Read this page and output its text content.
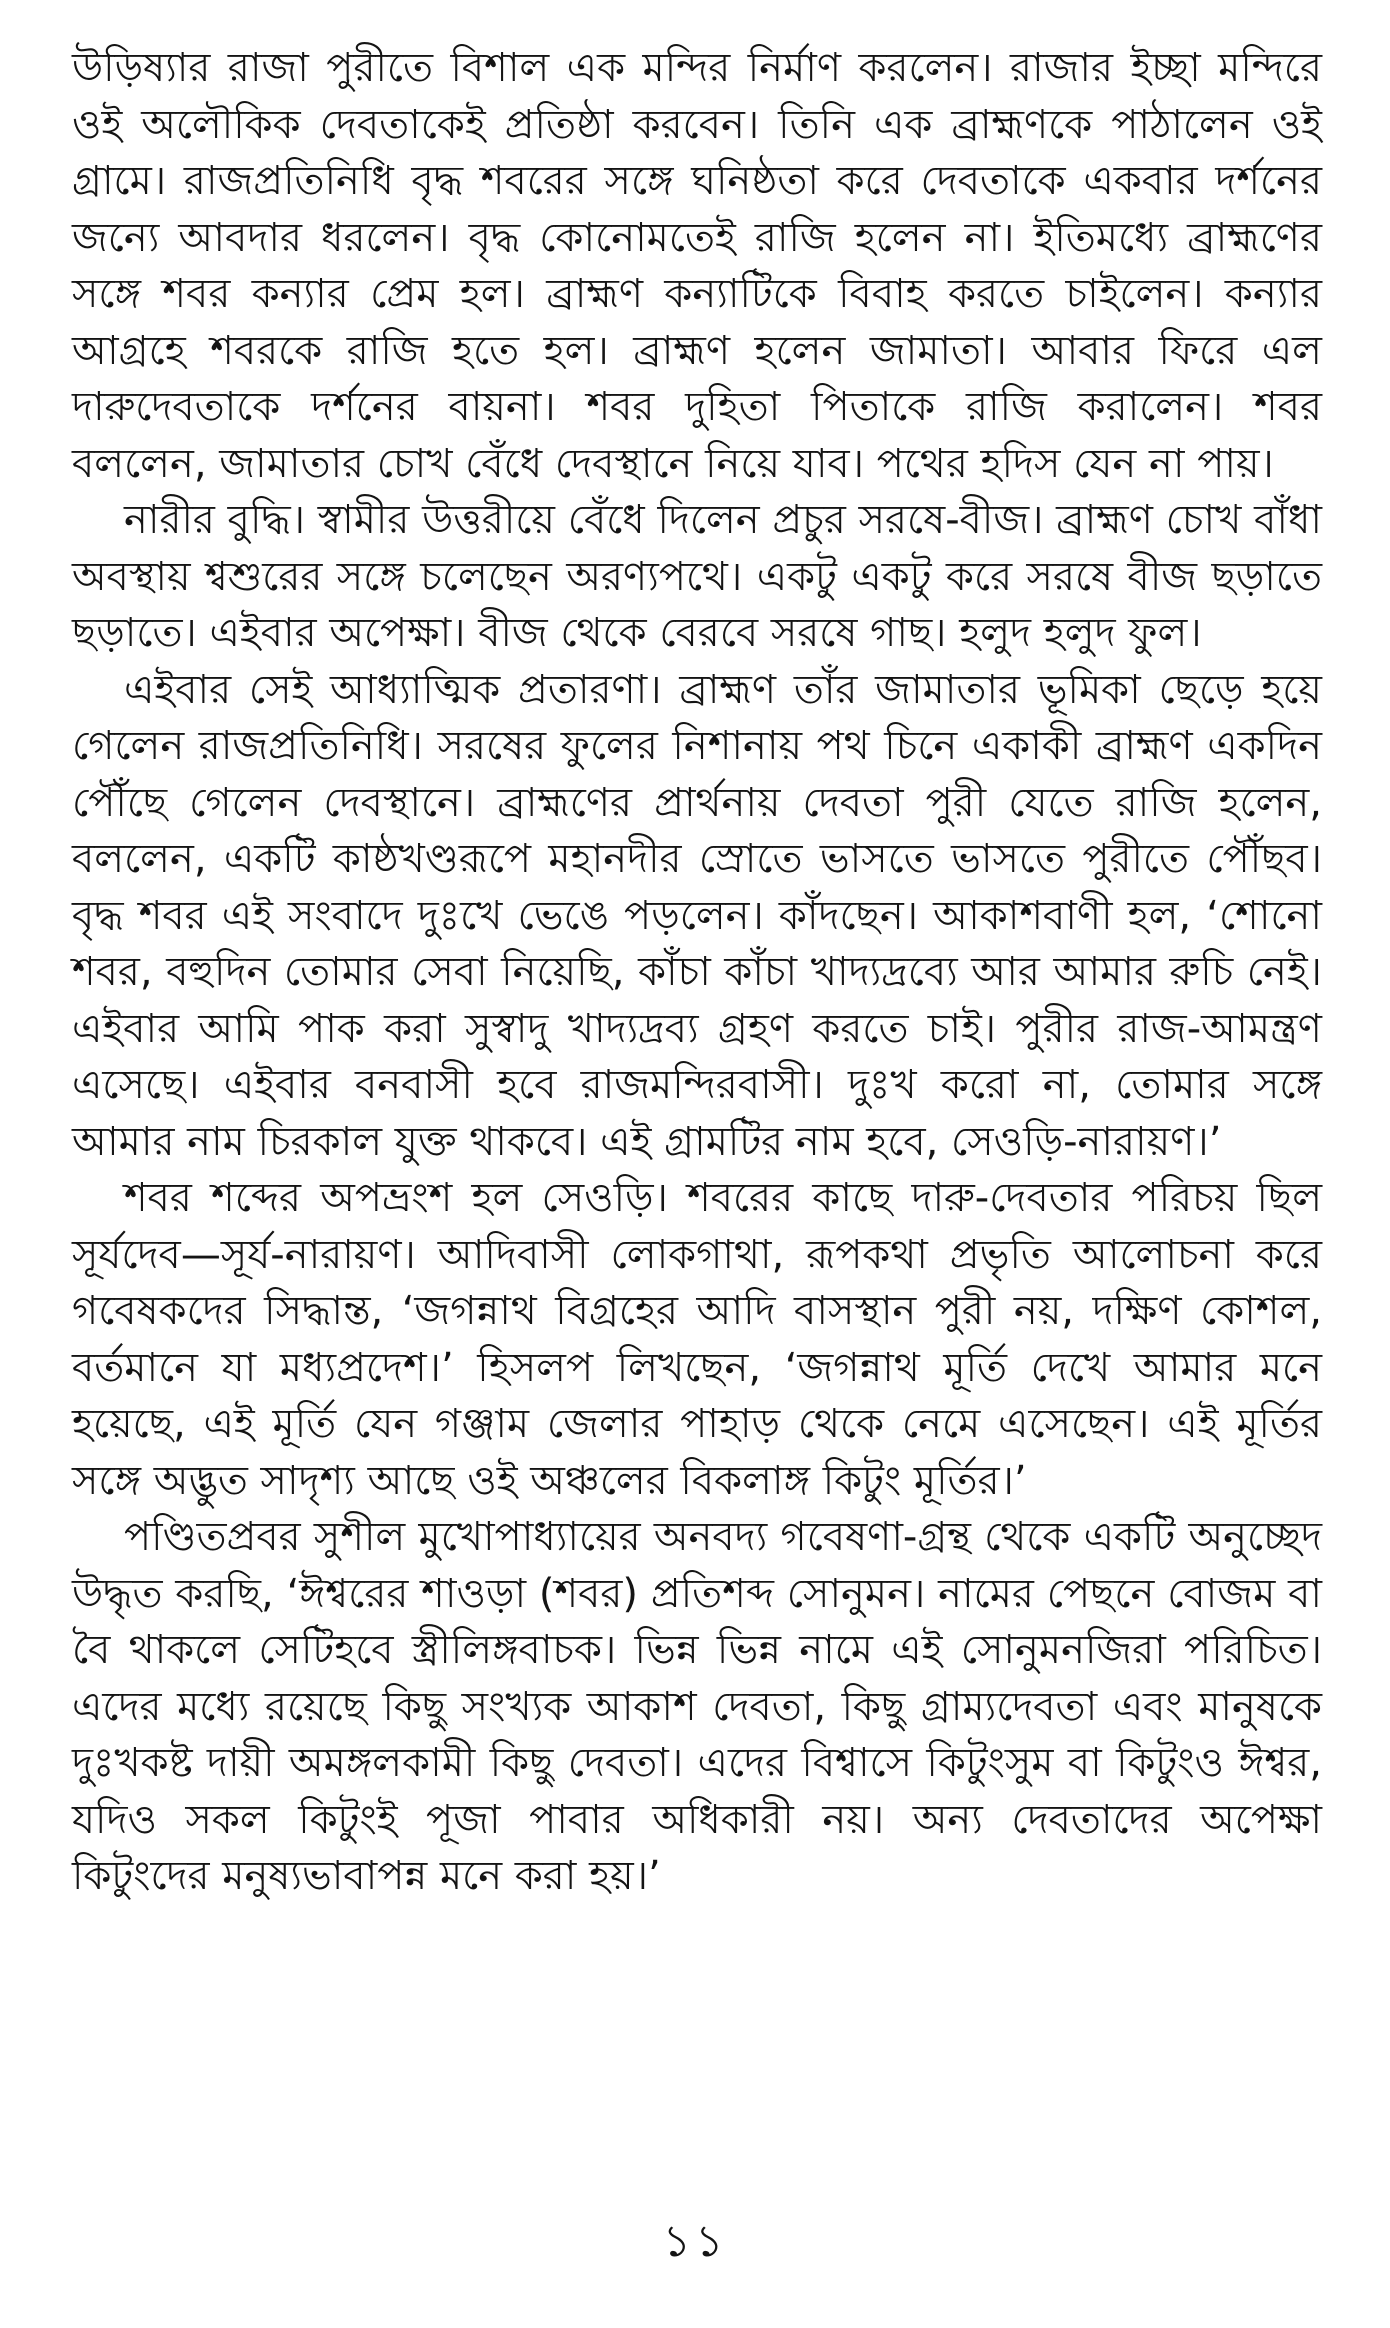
উড়িষ্যার রাজা পুরীতে বিশাল এক মন্দির নির্মাণ করলেন। রাজার ইচ্ছা মন্দিরে ওই অলৌকিক দেবতাকেই প্রতিষ্ঠা করবেন। তিনি এক ব্রাহ্মণকে পাঠালেন ওই গ্রামে। রাজপ্রতিনিধি বৃদ্ধ শবরের সঙ্গে ঘনিষ্ঠতা করে দেবতাকে একবার দর্শনের জন্যে আবদার ধরলেন। বৃদ্ধ কোনোমতেই রাজি হলেন না। ইতিমধ্যে ব্রাহ্মণের সঙ্গে শবর কন্যার প্রেম হল। ব্রাহ্মণ কন্যাটিকে বিবাহ করতে চাইলেন। কন্যার আগ্রহে শবরকে রাজি হতে হল। ব্রাহ্মণ হলেন জামাতা। আবার ফিরে এল দারুদেবতাকে দর্শনের বায়না। শবর দুহিতা পিতাকে রাজি করালেন। শবর বললেন, জামাতার চোখ বেঁধে দেবস্থানে নিয়ে যাব। পথের হদিস যেন না পায়।

নারীর বুদ্ধি। স্বামীর উত্তরীয়ে বেঁধে দিলেন প্রচুর সরষে-বীজ। ব্রাহ্মণ চোখ বাঁধা অবস্থায় শ্বশুরের সঙ্গে চলেছেন অরণ্যপথে। একটু একটু করে সরষে বীজ ছড়াতে ছড়াতে। এইবার অপেক্ষা। বীজ থেকে বেরবে সরষে গাছ। হলুদ হলুদ ফুল।

এইবার সেই আধ্যাত্মিক প্রতারণা। ব্রাহ্মণ তাঁর জামাতার ভূমিকা ছেড়ে হয়ে গেলেন রাজপ্রতিনিধি। সরষের ফুলের নিশানায় পথ চিনে একাকী ব্রাহ্মণ একদিন পৌঁছে গেলেন দেবস্থানে। ব্রাহ্মণের প্রার্থনায় দেবতা পুরী যেতে রাজি হলেন, বললেন, একটি কাষ্ঠখণ্ডরূপে মহানদীর স্রোতে ভাসতে ভাসতে পুরীতে পৌঁছব। বৃদ্ধ শবর এই সংবাদে দুঃখে ভেঙে পড়লেন। কাঁদছেন। আকাশবাণী হল, ‘শোনো শবর, বহুদিন তোমার সেবা নিয়েছি, কাঁচা কাঁচা খাদ্যদ্রব্যে আর আমার রুচি নেই। এইবার আমি পাক করা সুস্বাদু খাদ্যদ্রব্য গ্রহণ করতে চাই। পুরীর রাজ-আমন্ত্রণ এসেছে। এইবার বনবাসী হবে রাজমন্দিরবাসী। দুঃখ করো না, তোমার সঙ্গে আমার নাম চিরকাল যুক্ত থাকবে। এই গ্রামটির নাম হবে, সেওড়ি-নারায়ণ।’

শবর শব্দের অপভ্রংশ হল সেওড়ি। শবরের কাছে দারু-দেবতার পরিচয় ছিল সূর্যদেব—সূর্য-নারায়ণ। আদিবাসী লোকগাথা, রূপকথা প্রভৃতি আলোচনা করে গবেষকদের সিদ্ধান্ত, ‘জগন্নাথ বিগ্রহের আদি বাসস্থান পুরী নয়, দক্ষিণ কোশল, বর্তমানে যা মধ্যপ্রদেশ।’ হিসলপ লিখছেন, ‘জগন্নাথ মূর্তি দেখে আমার মনে হয়েছে, এই মূর্তি যেন গঞ্জাম জেলার পাহাড় থেকে নেমে এসেছেন। এই মূর্তির সঙ্গে অদ্ভুত সাদৃশ্য আছে ওই অঞ্চলের বিকলাঙ্গ কিটুং মূর্তির।’

পণ্ডিতপ্রবর সুশীল মুখোপাধ্যায়ের অনবদ্য গবেষণা-গ্রন্থ থেকে একটি অনুচ্ছেদ উদ্ধৃত করছি, ‘ঈশ্বরের শাওড়া (শবর) প্রতিশব্দ সোনুমন। নামের পেছনে বোজম বা বৈ থাকলে সেটিহবে স্ত্রীলিঙ্গবাচক। ভিন্ন ভিন্ন নামে এই সোনুমনজিরা পরিচিত। এদের মধ্যে রয়েছে কিছু সংখ্যক আকাশ দেবতা, কিছু গ্রাম্যদেবতা এবং মানুষকে দুঃখকষ্ট দায়ী অমঙ্গলকামী কিছু দেবতা। এদের বিশ্বাসে কিটুংসুম বা কিটুংও ঈশ্বর, যদিও সকল কিটুংই পূজা পাবার অধিকারী নয়। অন্য দেবতাদের অপেক্ষা কিটুংদের মনুষ্যভাবাপন্ন মনে করা হয়।’

১১
